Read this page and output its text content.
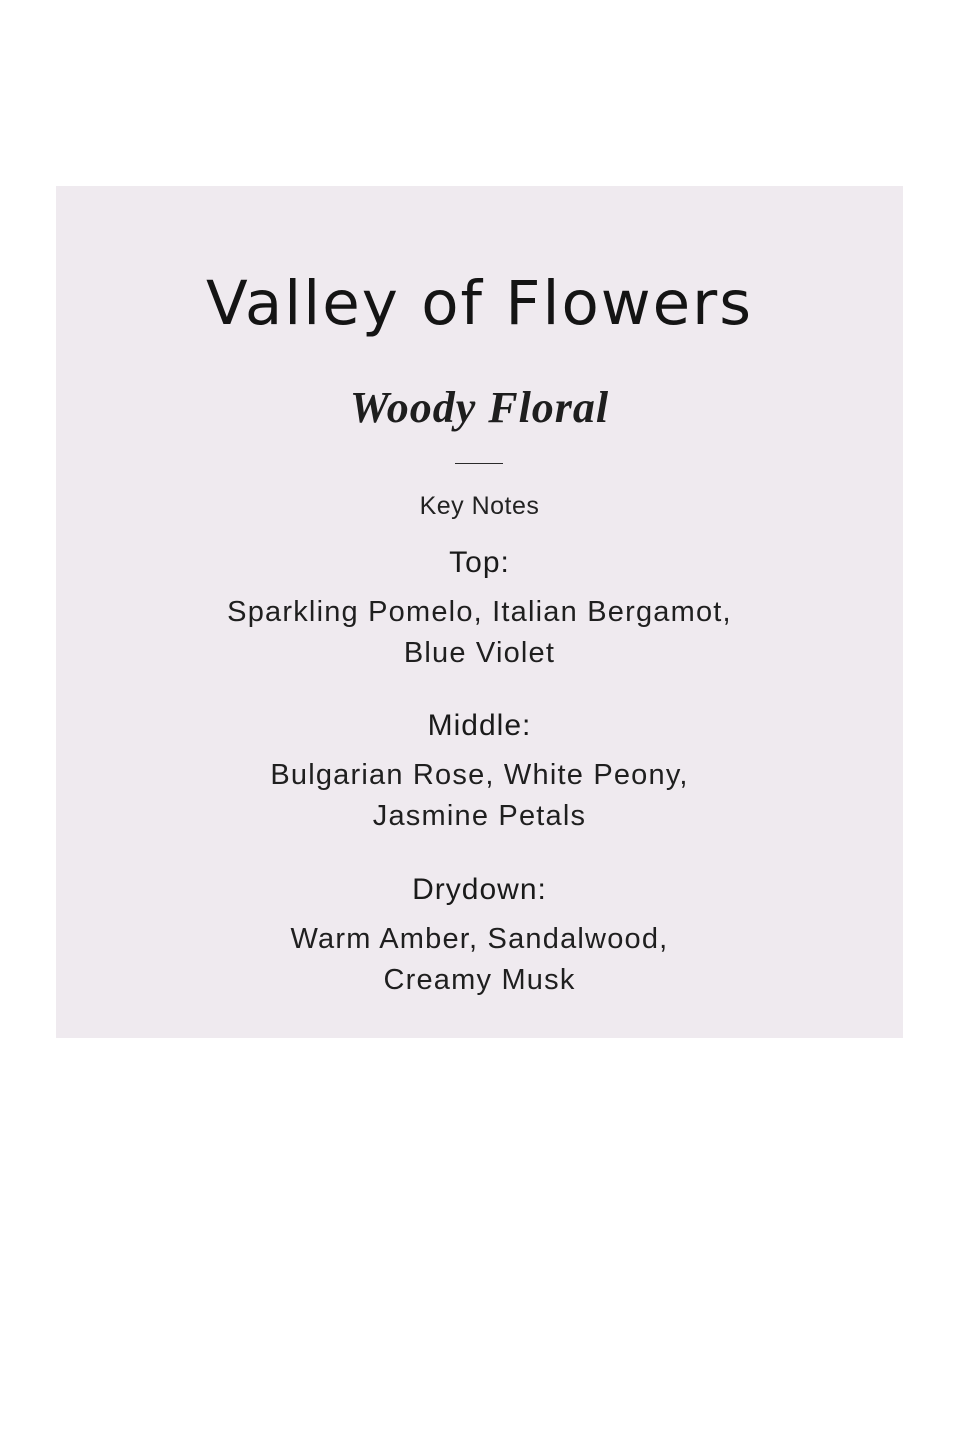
Valley of Flowers
Woody Floral
Key Notes
Top:

Sparkling Pomelo, Italian Bergamot,
Blue Violet

Middle:

Bulgarian Rose, White Peony,
Jasmine Petals

Drydown:

Warm Amber, Sandalwood,
Creamy Musk
